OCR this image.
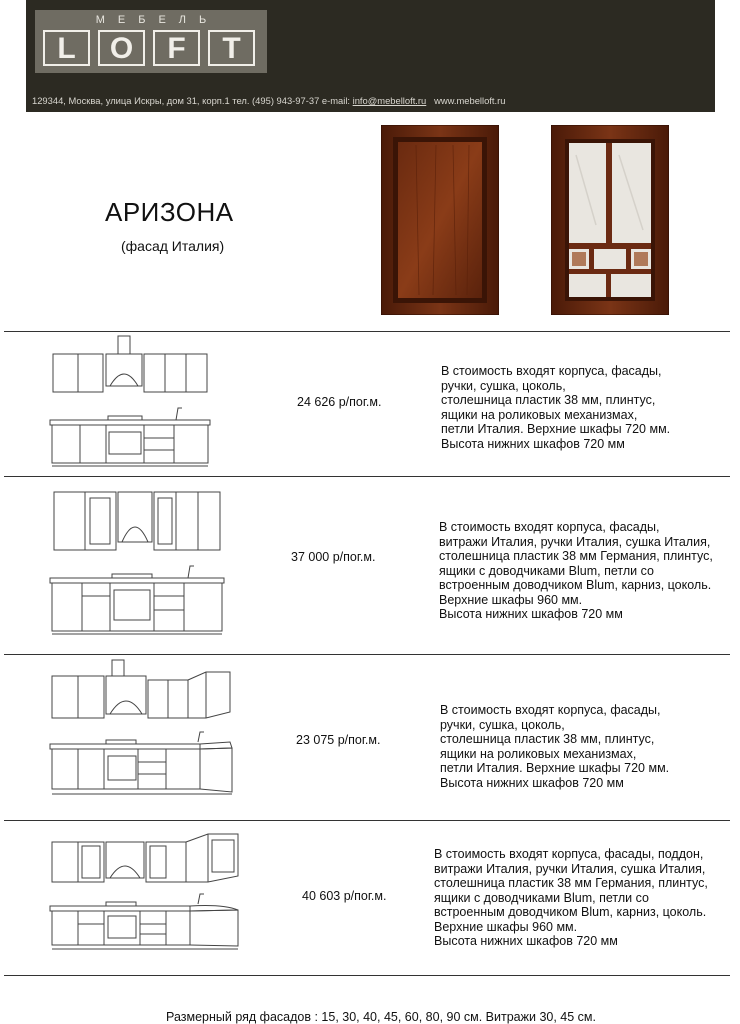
МЕБЕЛЬ
L	O	F	T
129344, Москва, улица Искры, дом 31, корп.1 тел. (495) 943-97-37 e-mail: info@mebelloft.ru www.mebelloft.ru
АРИЗОНА
(фасад Италия)
24 626 р/пог.м.
В стоимость входят корпуса, фасады,
ручки, сушка, цоколь,
столешница пластик 38 мм, плинтус,
ящики на роликовых механизмах,
петли Италия. Верхние шкафы 720 мм.
Высота нижних шкафов 720 мм
37 000 р/пог.м.
В стоимость входят корпуса, фасады,
витражи Италия, ручки Италия, сушка Италия,
столешница пластик 38 мм Германия, плинтус,
ящики с доводчиками Blum, петли со
встроенным доводчиком Blum, карниз, цоколь.
Верхние шкафы 960 мм.
Высота нижних шкафов 720 мм
23 075 р/пог.м.
В стоимость входят корпуса, фасады,
ручки, сушка, цоколь,
столешница пластик 38 мм, плинтус,
ящики на роликовых механизмах,
петли Италия. Верхние шкафы 720 мм.
Высота нижних шкафов 720 мм
40 603 р/пог.м.
В стоимость входят корпуса, фасады, поддон,
витражи Италия, ручки Италия, сушка Италия,
столешница пластик 38 мм Германия, плинтус,
ящики с доводчиками Blum, петли со
встроенным доводчиком Blum, карниз, цоколь.
Верхние шкафы 960 мм.
Высота нижних шкафов 720 мм
Размерный ряд фасадов : 15, 30, 40, 45, 60, 80, 90 см. Витражи 30, 45 см.
